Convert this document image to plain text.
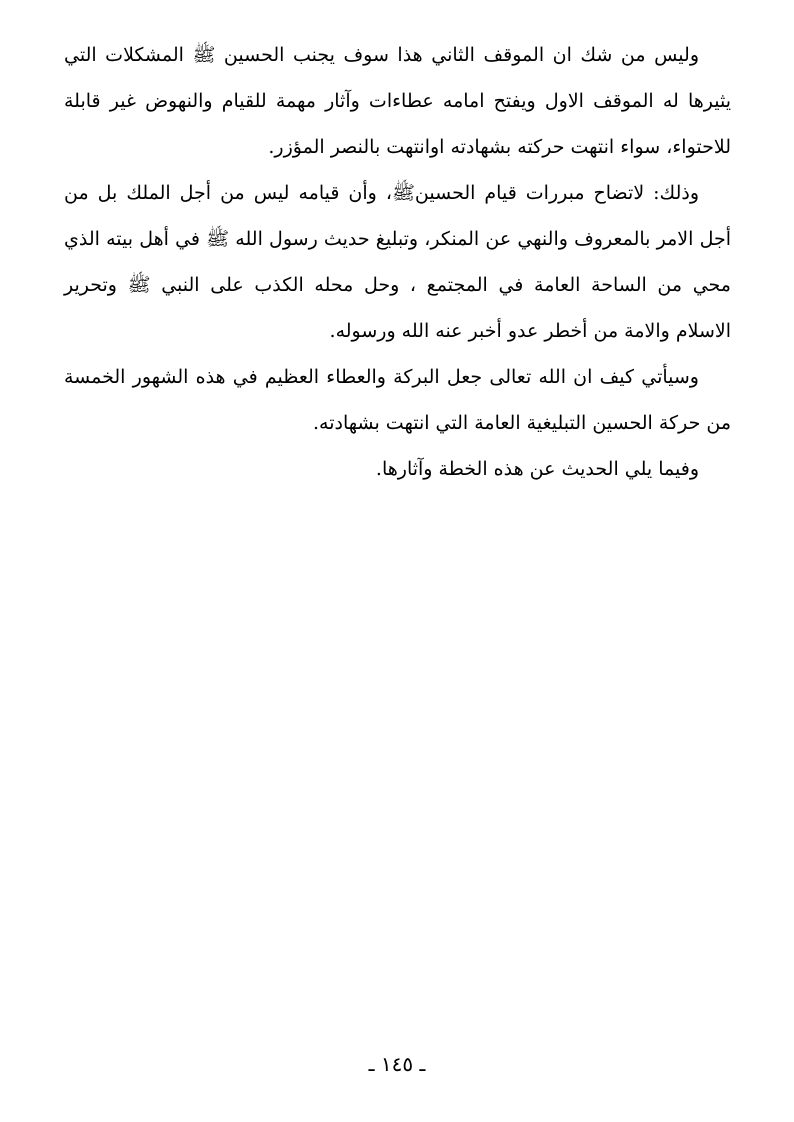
وليس من شك ان الموقف الثاني هذا سوف يجنب الحسين ﷺ المشكلات التي يثيرها له الموقف الاول ويفتح امامه عطاءات وآثار مهمة للقيام والنهوض غير قابلة للاحتواء، سواء انتهت حركته بشهادته اوانتهت بالنصر المؤزر.

وذلك: لاتضاح مبررات قيام الحسينﷺ، وأن قيامه ليس من أجل الملك بل من أجل الامر بالمعروف والنهي عن المنكر، وتبليغ حديث رسول الله ﷺ في أهل بيته الذي محي من الساحة العامة في المجتمع ، وحل محله الكذب على النبي ﷺ وتحرير الاسلام والامة من أخطر عدو أخبر عنه الله ورسوله.

وسيأتي كيف ان الله تعالى جعل البركة والعطاء العظيم في هذه الشهور الخمسة من حركة الحسين التبليغية العامة التي انتهت بشهادته.

وفيما يلي الحديث عن هذه الخطة وآثارها.

ـ ١٤٥ ـ
